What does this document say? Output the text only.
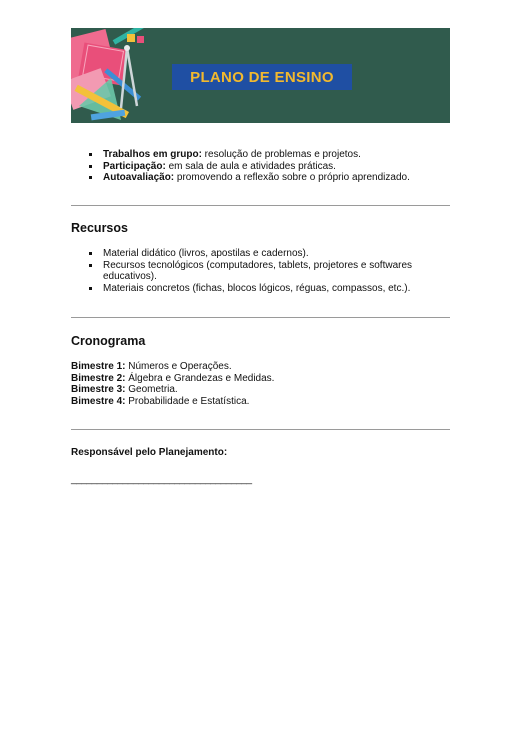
PLANO DE ENSINO
Trabalhos em grupo: resolução de problemas e projetos.
Participação: em sala de aula e atividades práticas.
Autoavaliação: promovendo a reflexão sobre o próprio aprendizado.
Recursos
Material didático (livros, apostilas e cadernos).
Recursos tecnológicos (computadores, tablets, projetores e softwares educativos).
Materiais concretos (fichas, blocos lógicos, réguas, compassos, etc.).
Cronograma
Bimestre 1: Números e Operações.
Bimestre 2: Álgebra e Grandezas e Medidas.
Bimestre 3: Geometria.
Bimestre 4: Probabilidade e Estatística.
Responsável pelo Planejamento:
___________________________________
